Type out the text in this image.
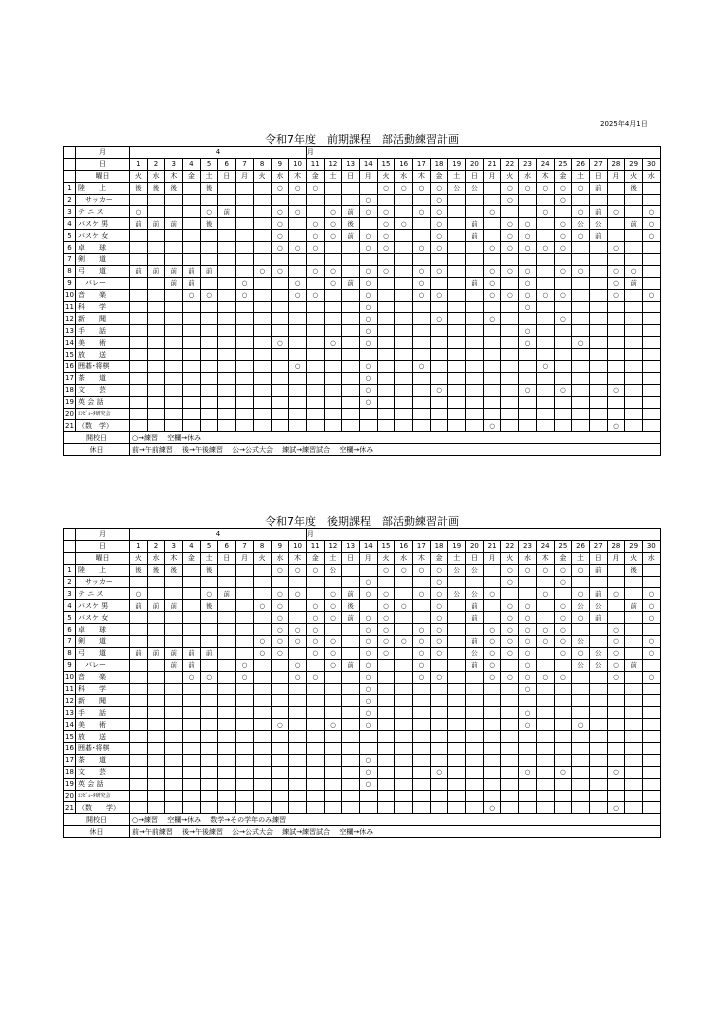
2025年4月1日
令和7年度　前期課程　部活動練習計画
	月	4										月																			
	日	1	2	3	4	5	6	7	8	9	10	11	12	13	14	15	16	17	18	19	20	21	22	23	24	25	26	27	28	29	30
	曜日	火	水	木	金	土	日	月	火	水	木	金	土	日	月	火	水	木	金	土	日	月	火	水	木	金	土	日	月	火	水
1	陸　　上	後	後	後		後				○	○	○				○	○	○	○	公	公		○	○	○	○	○	前		後	
2	　サッカー														○				○				○			○					
3	テ ニ ス	○				○	前			○	○		○	前	○	○		○	○			○			○		○	前	○		○
4	バスケ 男	前	前	前		後				○		○	○	後		○	○		○		前		○	○		○	公	公		前	○
5	バスケ 女									○		○	○	前	○	○			○		前		○	○		○	○	前			○
6	卓　　球									○	○	○			○	○		○	○			○	○	○	○	○			○		
7	剣　　道																														
8	弓　　道	前	前	前	前	前			○	○		○	○		○	○		○	○			○	○	○		○	○		○	○	
9	　バレー			前	前			○			○		○	前	○			○			前	○		○					○	前	
10	音　　楽				○	○		○			○	○			○			○	○			○	○	○	○	○			○		○
11	科　　学														○									○							
12	新　　聞														○				○			○				○					
13	手　　話														○									○							
14	美　　術									○			○		○									○			○				
15	放　　送																														
16	囲碁･将棋										○				○			○							○						
17	茶　　道														○																
18	文　　芸														○				○					○		○			○		
19	英 会 話														○																
20	ｺﾝﾋﾟｭｰﾀ研究会																														
21	（数　学）																					○							○		
開校日		○→練習　 空欄→休み																													
休日		前→午前練習　 後→午後練習　 公→公式大会　 練試→練習試合　 空欄→休み																													
令和7年度　後期課程　部活動練習計画
	月	4										月																			
	日	1	2	3	4	5	6	7	8	9	10	11	12	13	14	15	16	17	18	19	20	21	22	23	24	25	26	27	28	29	30
	曜日	火	水	木	金	土	日	月	火	水	木	金	土	日	月	火	水	木	金	土	日	月	火	水	木	金	土	日	月	火	水
1	陸　　上	後	後	後		後				○	○	○	公			○	○	○	○	公	公		○	○	○	○	○	前		後	
2	　サッカー														○				○				○			○					
3	テ ニ ス	○				○	前			○	○		○	前	○	○		○	○	公	公	○			○		○	前	○		○
4	バスケ 男	前	前	前		後			○	○		○	○	後		○	○		○		前		○	○		○	公	公		前	○
5	バスケ 女									○		○	○	前	○	○			○		前		○	○		○	○	前			○
6	卓　　球									○	○	○			○	○		○	○			○	○	○	○	○			○		
7	剣　　道								○	○	○	○	○		○	○	○	○	○		前	○	○	○	○	○	公		○		○
8	弓　　道	前	前	前	前	前			○	○		○	○		○	○		○	○		公	○	○	○		○	○	公	○		○
9	　バレー			前	前			○			○		○	前	○			○			前	○		○			公	公	○	前	
10	音　　楽				○	○		○			○	○			○			○	○			○	○	○	○	○			○		○
11	科　　学														○									○							
12	新　　聞														○																
13	手　　話														○									○							
14	美　　術									○			○		○									○			○				
15	放　　送																														
16	囲碁･将棋																														
17	茶　　道														○																
18	文　　芸														○				○					○		○			○		
19	英 会 話														○																
20	ｺﾝﾋﾟｭｰﾀ研究会																														
21	（数　　学）																					○							○		
開校日		○→練習　 空欄→休み　 数学→その学年のみ練習																													
休日		前→午前練習　 後→午後練習　 公→公式大会　 練試→練習試合　 空欄→休み																													
